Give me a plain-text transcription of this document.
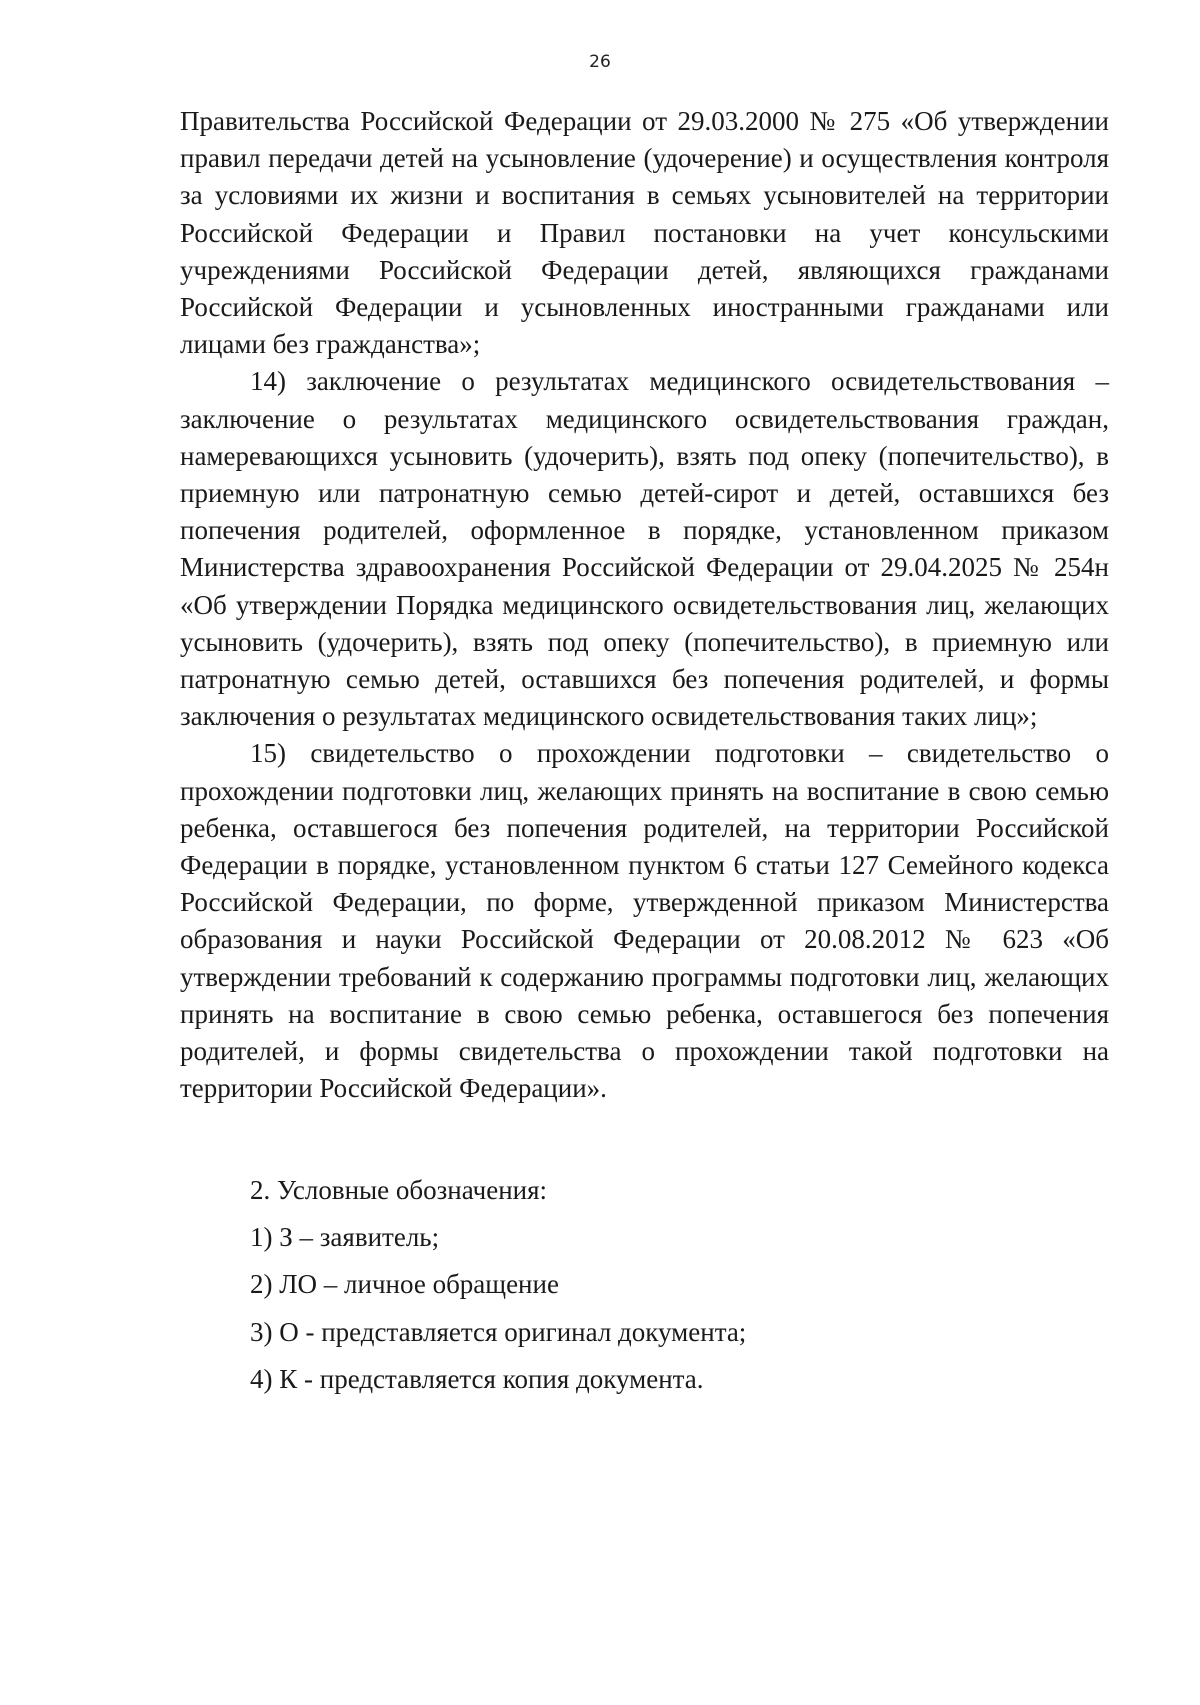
26

Правительства Российской Федерации от 29.03.2000 № 275 «Об утверждении правил передачи детей на усыновление (удочерение) и осуществления контроля за условиями их жизни и воспитания в семьях усыновителей на территории Российской Федерации и Правил постановки на учет консульскими учреждениями Российской Федерации детей, являющихся гражданами Российской Федерации и усыновленных иностранными гражданами или лицами без гражданства»;

14) заключение о результатах медицинского освидетельствования – заключение о результатах медицинского освидетельствования граждан, намеревающихся усыновить (удочерить), взять под опеку (попечительство), в приемную или патронатную семью детей-сирот и детей, оставшихся без попечения родителей, оформленное в порядке, установленном приказом Министерства здравоохранения Российской Федерации от 29.04.2025 № 254н «Об утверждении Порядка медицинского освидетельствования лиц, желающих усыновить (удочерить), взять под опеку (попечительство), в приемную или патронатную семью детей, оставшихся без попечения родителей, и формы заключения о результатах медицинского освидетельствования таких лиц»;

15) свидетельство о прохождении подготовки – свидетельство о прохождении подготовки лиц, желающих принять на воспитание в свою семью ребенка, оставшегося без попечения родителей, на территории Российской Федерации в порядке, установленном пунктом 6 статьи 127 Семейного кодекса Российской Федерации, по форме, утвержденной приказом Министерства образования и науки Российской Федерации от 20.08.2012 № 623 «Об утверждении требований к содержанию программы подготовки лиц, желающих принять на воспитание в свою семью ребенка, оставшегося без попечения родителей, и формы свидетельства о прохождении такой подготовки на территории Российской Федерации».

2. Условные обозначения:

1) З – заявитель;

2) ЛО – личное обращение

3) О - представляется оригинал документа;

4) К - представляется копия документа.
